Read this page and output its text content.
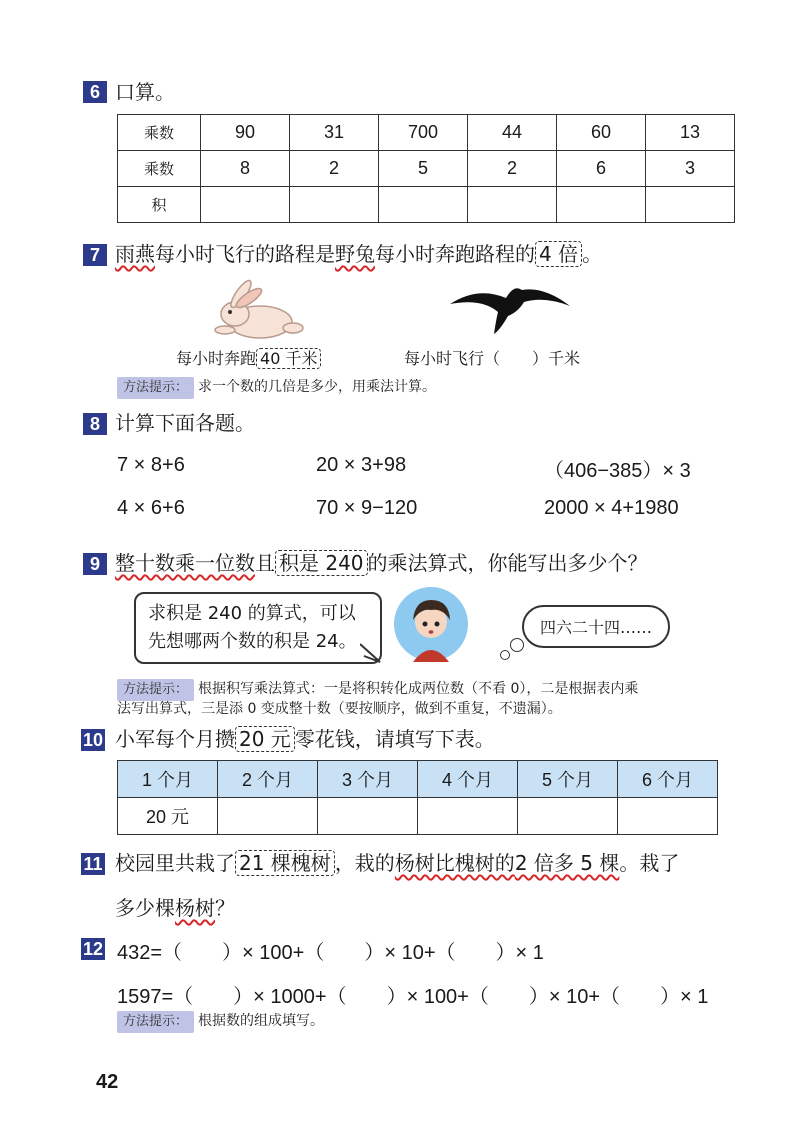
6 口算。
乘数	90	31	700	44	60	13
乘数	8	2	5	2	6	3
积						
7 雨燕每小时飞行的路程是野兔每小时奔跑路程的 4 倍 。
每小时奔跑 40 千米	每小时飞行（　　）千米
方法提示： 求一个数的几倍是多少，用乘法计算。
8 计算下面各题。
7 × 8+6	20 × 3+98	（406−385）× 3
4 × 6+6	70 × 9−120	2000 × 4+1980
9 整十数乘一位数且 积是 240 的乘法算式，你能写出多少个？
求积是 240 的算式，可以
先想哪两个数的积是 24。
四六二十四……
方法提示： 根据积写乘法算式：一是将积转化成两位数（不看 0），二是根据表内乘
法写出算式，三是添 0 变成整十数（要按顺序，做到不重复，不遗漏）。
10 小军每个月攒 20 元 零花钱，请填写下表。
1 个月	2 个月	3 个月	4 个月	5 个月	6 个月
20 元					
11 校园里共栽了 21 棵槐树 ，栽的杨树比槐树的2 倍多 5 棵。栽了
多少棵杨树？
12 432=（　　）× 100+（　　）× 10+（　　）× 1
1597=（　　）× 1000+（　　）× 100+（　　）× 10+（　　）× 1
方法提示： 根据数的组成填写。
42
